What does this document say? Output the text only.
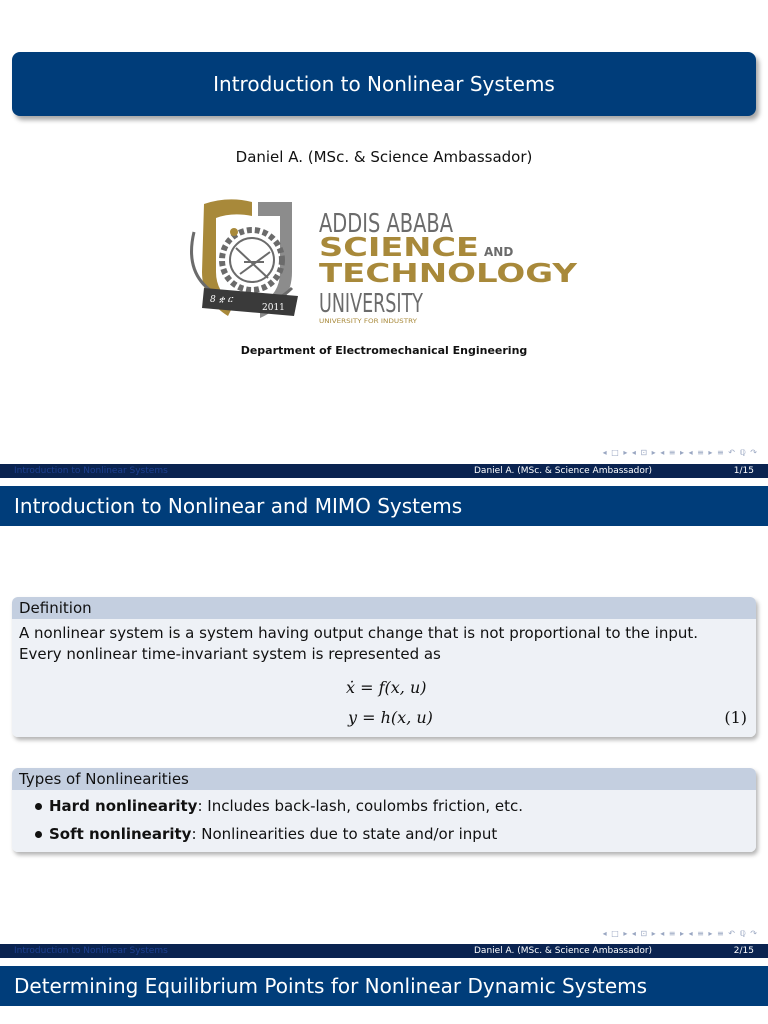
Introduction to Nonlinear Systems
Daniel A. (MSc. & Science Ambassador)
8 ቋ ር
2011
ADDIS ABABA
SCIENCE AND
TECHNOLOGY
UNIVERSITY
UNIVERSITY FOR INDUSTRY
Department of Electromechanical Engineering
◂ □ ▸ ◂ ⊡ ▸ ◂ ≡ ▸ ◂ ≡ ▸ ≡ ↶ ℚ ↷
Introduction to Nonlinear Systems	Daniel A. (MSc. & Science Ambassador)	1/15
Introduction to Nonlinear and MIMO Systems
Definition
A nonlinear system is a system having output change that is not proportional to the input.
Every nonlinear time-invariant system is represented as
ẋ = f(x, u)
y = h(x, u)	(1)
Types of Nonlinearities
Hard nonlinearity: Includes back-lash, coulombs friction, etc.
Soft nonlinearity: Nonlinearities due to state and/or input
◂ □ ▸ ◂ ⊡ ▸ ◂ ≡ ▸ ◂ ≡ ▸ ≡ ↶ ℚ ↷
Introduction to Nonlinear Systems	Daniel A. (MSc. & Science Ambassador)	2/15
Determining Equilibrium Points for Nonlinear Dynamic Systems
